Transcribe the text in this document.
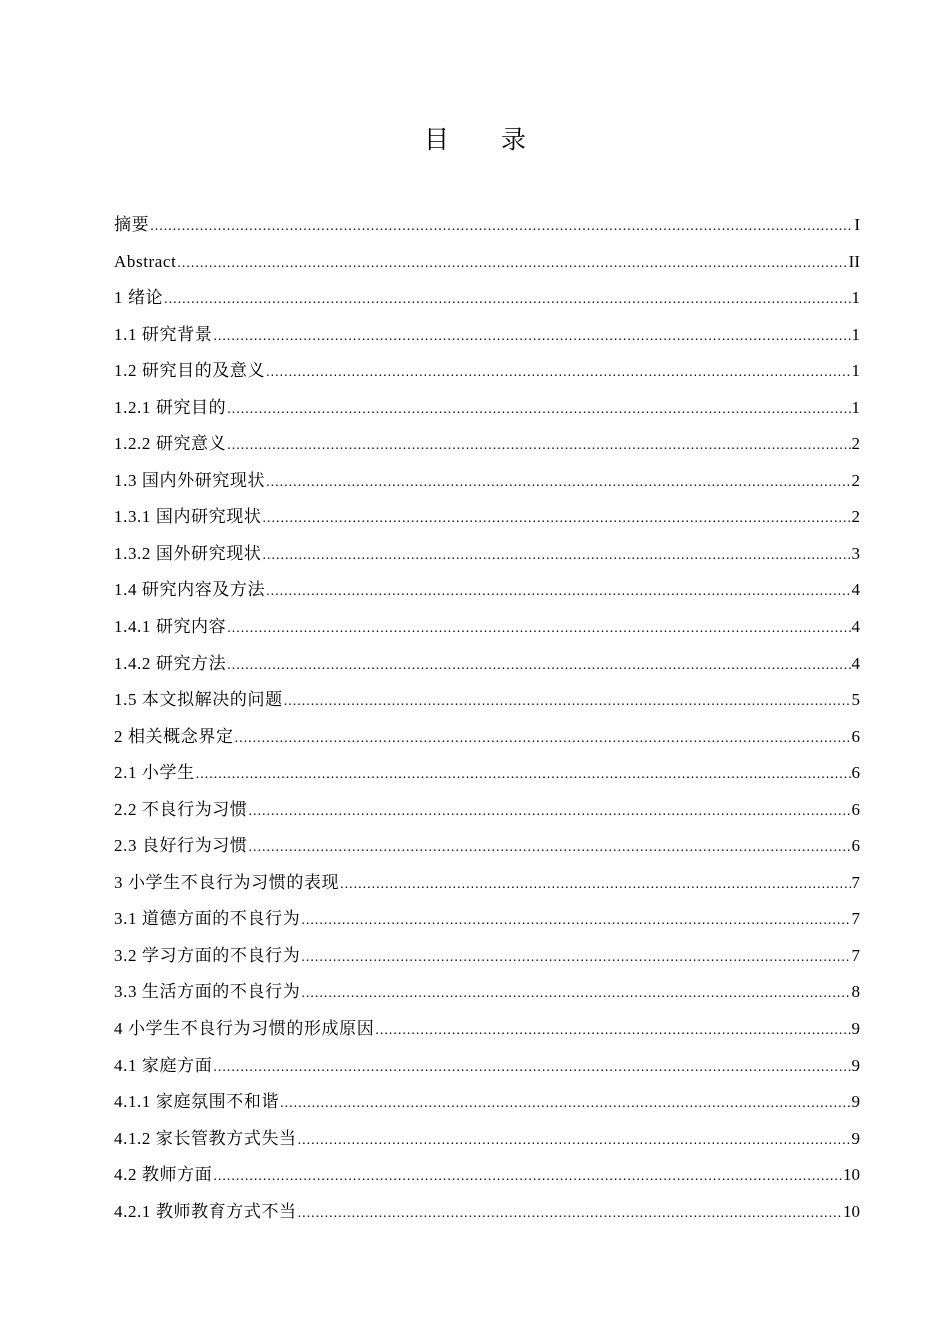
目 录
摘要 .....	I
Abstract .....	II
1 绪论 .....	1
1.1 研究背景 .....	1
1.2 研究目的及意义 .....	1
1.2.1 研究目的 .....	1
1.2.2 研究意义 .....	2
1.3 国内外研究现状 .....	2
1.3.1 国内研究现状 .....	2
1.3.2 国外研究现状 .....	3
1.4 研究内容及方法 .....	4
1.4.1 研究内容 .....	4
1.4.2 研究方法 .....	4
1.5 本文拟解决的问题 .....	5
2 相关概念界定 .....	6
2.1 小学生 .....	6
2.2 不良行为习惯 .....	6
2.3 良好行为习惯 .....	6
3 小学生不良行为习惯的表现 .....	7
3.1 道德方面的不良行为 .....	7
3.2 学习方面的不良行为 .....	7
3.3 生活方面的不良行为 .....	8
4 小学生不良行为习惯的形成原因 .....	9
4.1 家庭方面 .....	9
4.1.1 家庭氛围不和谐 .....	9
4.1.2 家长管教方式失当 .....	9
4.2 教师方面 .....	10
4.2.1 教师教育方式不当 .....	10
